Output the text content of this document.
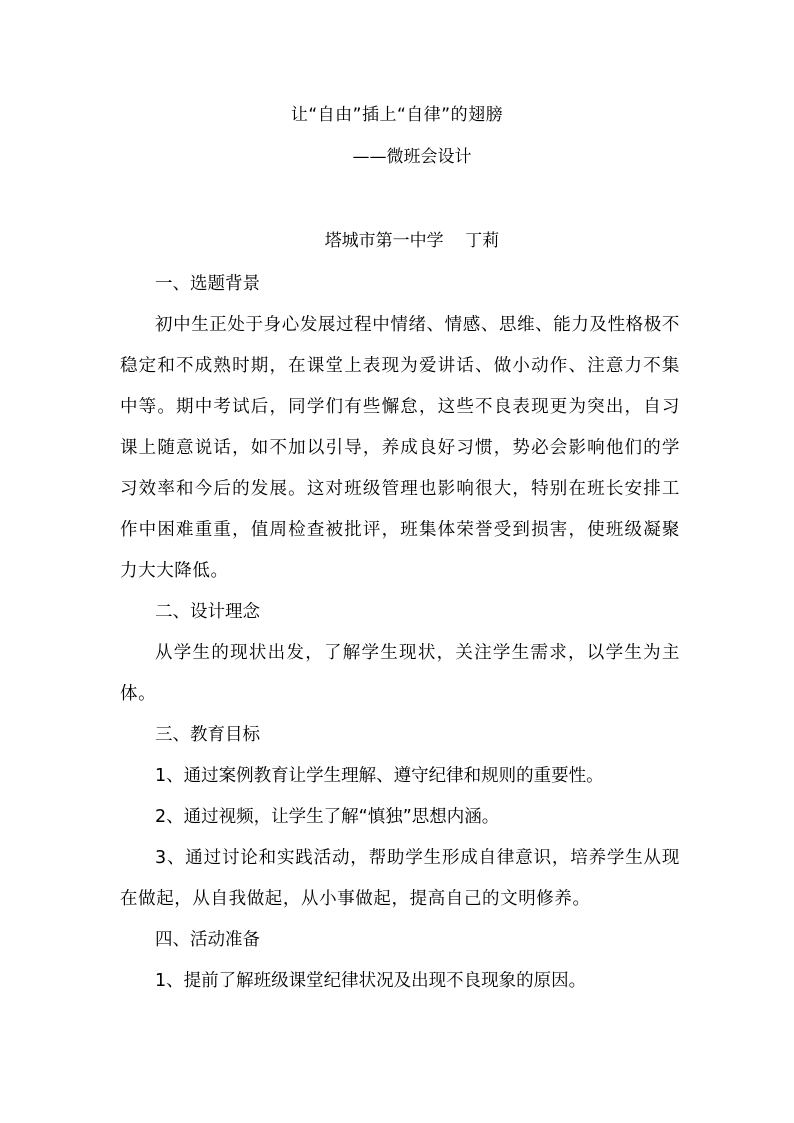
让“自由”插上“自律”的翅膀
——微班会设计
塔城市第一中学    丁莉

一、选题背景

初中生正处于身心发展过程中情绪、情感、思维、能力及性格极不稳定和不成熟时期，在课堂上表现为爱讲话、做小动作、注意力不集中等。期中考试后，同学们有些懈怠，这些不良表现更为突出，自习课上随意说话，如不加以引导，养成良好习惯，势必会影响他们的学习效率和今后的发展。这对班级管理也影响很大，特别在班长安排工作中困难重重，值周检查被批评，班集体荣誉受到损害，使班级凝聚力大大降低。

二、设计理念

从学生的现状出发，了解学生现状，关注学生需求，以学生为主体。

三、教育目标

1、通过案例教育让学生理解、遵守纪律和规则的重要性。

2、通过视频，让学生了解“慎独”思想内涵。

3、通过讨论和实践活动，帮助学生形成自律意识，培养学生从现在做起，从自我做起，从小事做起，提高自己的文明修养。

四、活动准备

1、提前了解班级课堂纪律状况及出现不良现象的原因。
